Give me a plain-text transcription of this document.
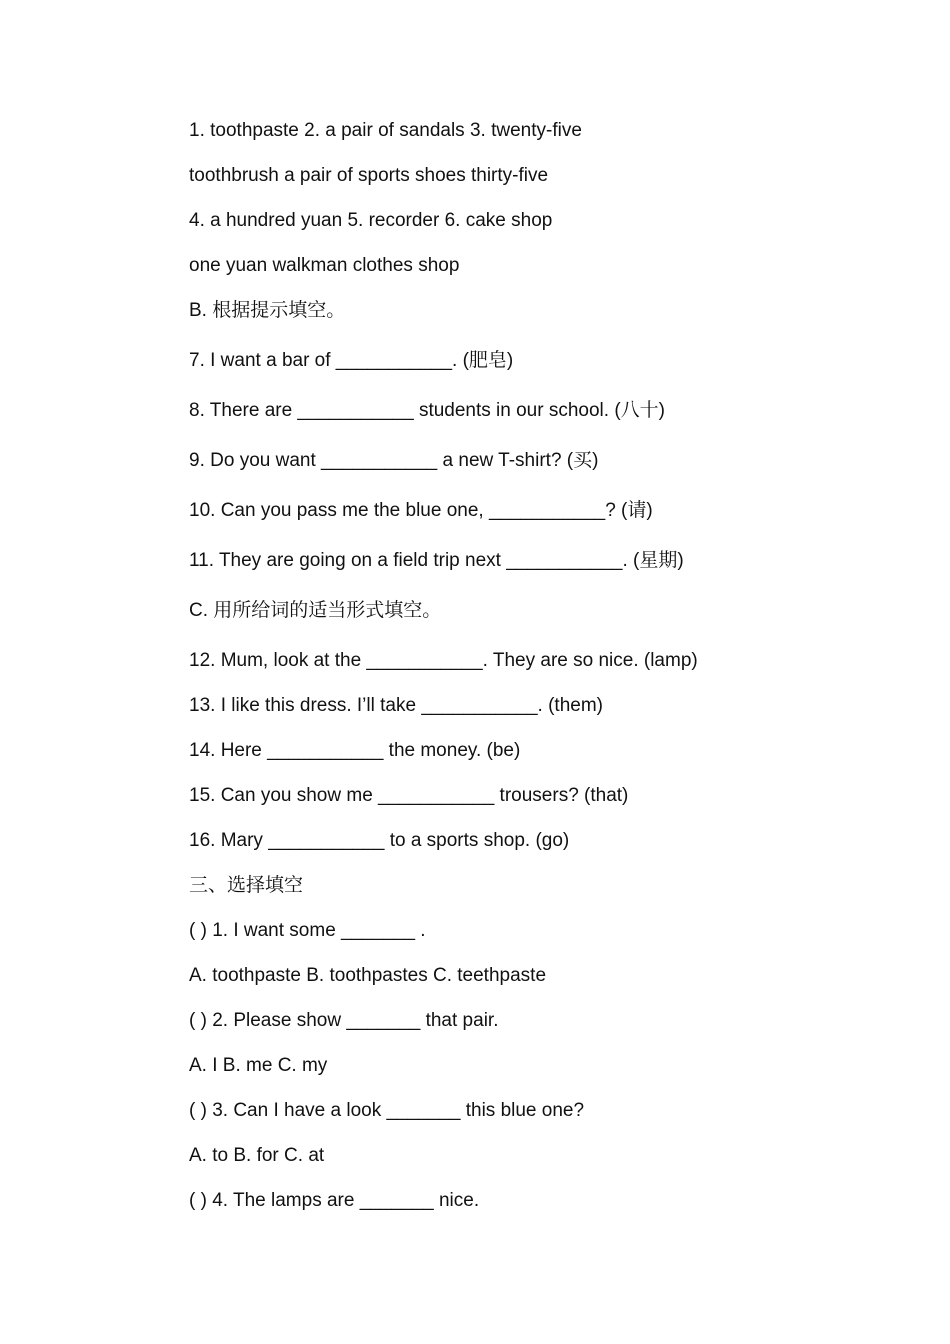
1. toothpaste 2. a pair of sandals 3. twenty-five

toothbrush a pair of sports shoes thirty-five

4. a hundred yuan 5. recorder 6. cake shop

one yuan walkman clothes shop

B. 根据提示填空。

7. I want a bar of ___________. (肥皂)

8. There are ___________ students in our school. (八十)

9. Do you want ___________ a new T-shirt? (买)

10. Can you pass me the blue one, ___________? (请)

11. They are going on a field trip next ___________. (星期)

C. 用所给词的适当形式填空。

12. Mum, look at the ___________. They are so nice. (lamp)

13. I like this dress. I’ll take ___________. (them)

14. Here ___________ the money. (be)

15. Can you show me ___________ trousers? (that)

16. Mary ___________ to a sports shop. (go)

三、选择填空

( ) 1. I want some _______ .

A. toothpaste B. toothpastes C. teethpaste

( ) 2. Please show _______ that pair.

A. I B. me C. my

( ) 3. Can I have a look _______ this blue one?

A. to B. for C. at

( ) 4. The lamps are _______ nice.
